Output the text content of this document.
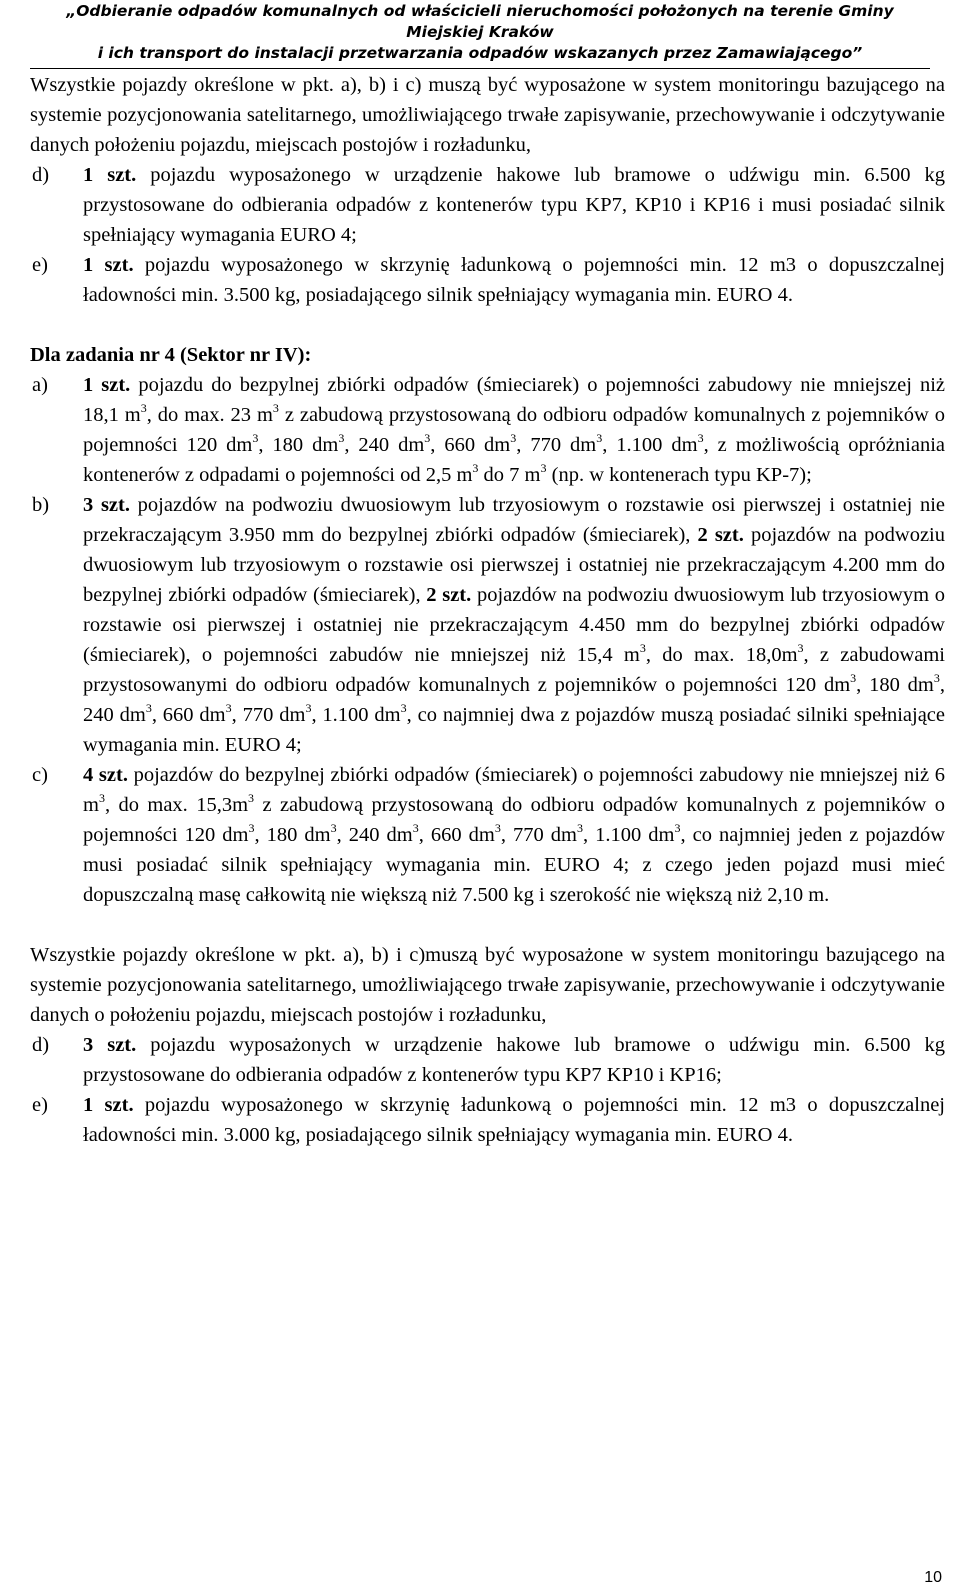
„Odbieranie odpadów komunalnych od właścicieli nieruchomości położonych na terenie Gminy Miejskiej Kraków
i ich transport do instalacji przetwarzania odpadów wskazanych przez Zamawiającego”

Wszystkie pojazdy określone w pkt. a), b) i c) muszą być wyposażone w system monitoringu bazującego na systemie pozycjonowania satelitarnego, umożliwiającego trwałe zapisywanie, przechowywanie i odczytywanie danych położeniu pojazdu, miejscach postojów i rozładunku,

d) 1 szt. pojazdu wyposażonego w urządzenie hakowe lub bramowe o udźwigu min. 6.500 kg przystosowane do odbierania odpadów z kontenerów typu KP7, KP10 i KP16 i musi posiadać silnik spełniający wymagania EURO 4;
e) 1 szt. pojazdu wyposażonego w skrzynię ładunkową o pojemności min. 12 m3 o dopuszczalnej ładowności min. 3.500 kg, posiadającego silnik spełniający wymagania min. EURO 4.

Dla zadania nr 4 (Sektor nr IV):

a) 1 szt. pojazdu do bezpylnej zbiórki odpadów (śmieciarek) o pojemności zabudowy nie mniejszej niż 18,1 $m^3$, do max. 23 $m^3$ z zabudową przystosowaną do odbioru odpadów komunalnych z pojemników o pojemności 120 $dm^3$, 180 $dm^3$, 240 $dm^3$, 660 $dm^3$, 770 $dm^3$, 1.100 $dm^3$, z możliwością opróżniania kontenerów z odpadami o pojemności od 2,5 $m^3$ do 7 $m^3$ (np. w kontenerach typu KP-7);
b) 3 szt. pojazdów na podwoziu dwuosiowym lub trzyosiowym o rozstawie osi pierwszej i ostatniej nie przekraczającym 3.950 mm do bezpylnej zbiórki odpadów (śmieciarek), 2 szt. pojazdów na podwoziu dwuosiowym lub trzyosiowym o rozstawie osi pierwszej i ostatniej nie przekraczającym 4.200 mm do bezpylnej zbiórki odpadów (śmieciarek), 2 szt. pojazdów na podwoziu dwuosiowym lub trzyosiowym o rozstawie osi pierwszej i ostatniej nie przekraczającym 4.450 mm do bezpylnej zbiórki odpadów (śmieciarek), o pojemności zabudów nie mniejszej niż 15,4 $m^3$, do max. $18,0m^3$, z zabudowami przystosowanymi do odbioru odpadów komunalnych z pojemników o pojemności 120 $dm^3$, 180 $dm^3$, 240 $dm^3$, 660 $dm^3$, 770 $dm^3$, 1.100 $dm^3$, co najmniej dwa z pojazdów muszą posiadać silniki spełniające wymagania min. EURO 4;
c) 4 szt. pojazdów do bezpylnej zbiórki odpadów (śmieciarek) o pojemności zabudowy nie mniejszej niż 6 $m^3$, do max. $15,3m^3$ z zabudową przystosowaną do odbioru odpadów komunalnych z pojemników o pojemności 120 $dm^3$, 180 $dm^3$, 240 $dm^3$, 660 $dm^3$, 770 $dm^3$, 1.100 $dm^3$, co najmniej jeden z pojazdów musi posiadać silnik spełniający wymagania min. EURO 4; z czego jeden pojazd musi mieć dopuszczalną masę całkowitą nie większą niż 7.500 kg i szerokość nie większą niż 2,10 m.

Wszystkie pojazdy określone w pkt. a), b) i c)muszą być wyposażone w system monitoringu bazującego na systemie pozycjonowania satelitarnego, umożliwiającego trwałe zapisywanie, przechowywanie i odczytywanie danych o położeniu pojazdu, miejscach postojów i rozładunku,

d) 3 szt. pojazdu wyposażonych w urządzenie hakowe lub bramowe o udźwigu min. 6.500 kg przystosowane do odbierania odpadów z kontenerów typu KP7 KP10 i KP16;
e) 1 szt. pojazdu wyposażonego w skrzynię ładunkową o pojemności min. 12 m3 o dopuszczalnej ładowności min. 3.000 kg, posiadającego silnik spełniający wymagania min. EURO 4.
10
